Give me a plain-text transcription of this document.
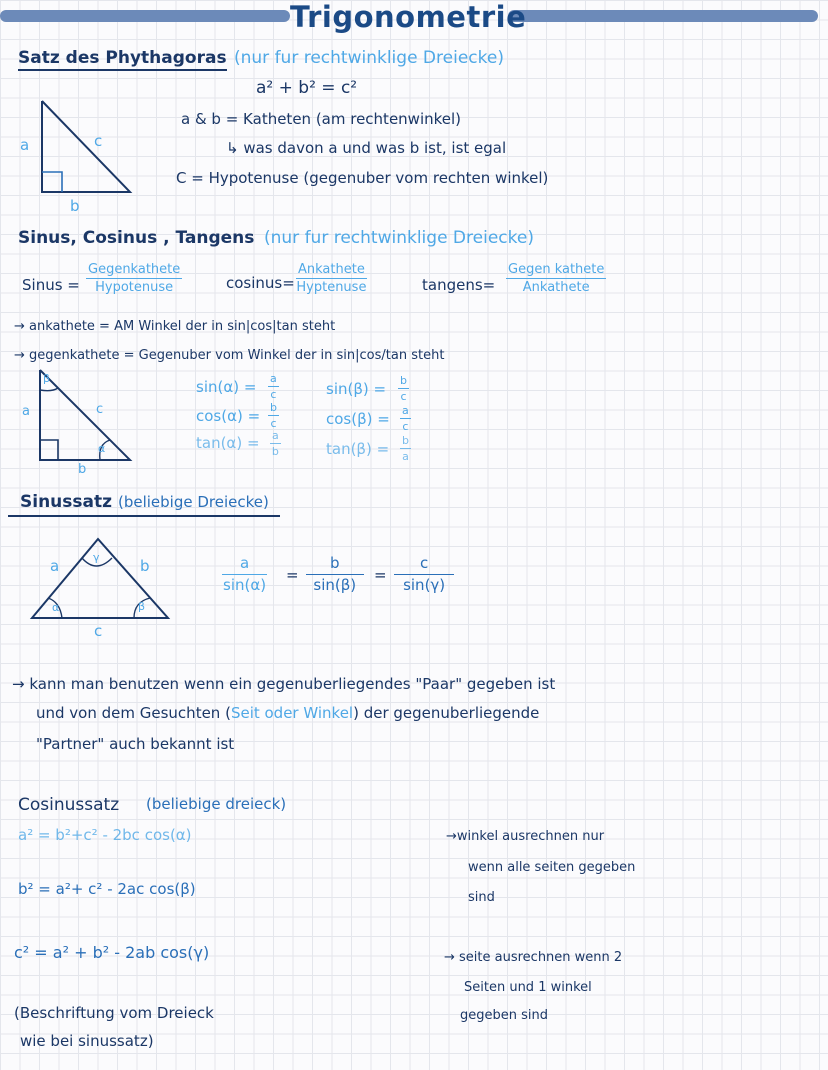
Trigonometrie
Satz des Phythagoras (nur fur rechtwinklige Dreiecke)
a² + b² = c²
a & b = Katheten (am rechtenwinkel)
↳ was davon a und was b ist, ist egal
C = Hypotenuse (gegenuber vom rechten winkel)
a	c
b
Sinus, Cosinus , Tangens (nur fur rechtwinklige Dreiecke)
Sinus =
Gegenkathete
Hypotenuse	cosinus=
Ankathete
Hyptenuse	tangens=
Gegen kathete
Ankathete
→ ankathete = AM Winkel der in sin|cos|tan steht
→ gegenkathete = Gegenuber vom Winkel der in sin|cos/tan steht
a	c
b
β
α
$\sin(\alpha) = \frac{a}{c}$
$\cos(\alpha) = \frac{b}{c}$
$\tan(\alpha) = \frac{a}{b}$
$\sin(\beta) = \frac{b}{c}$
$\cos(\beta) = \frac{a}{c}$
$\tan(\beta) = \frac{b}{a}$
Sinussatz (beliebige Dreiecke)
a	b
c
γ
α	β
$\frac{a}{\sin(\alpha)} = \frac{b}{\sin(\beta)} = \frac{c}{\sin(\gamma)}$
→ kann man benutzen wenn ein gegenuberliegendes "Paar" gegeben ist
und von dem Gesuchten (Seit oder Winkel) der gegenuberliegende
"Partner" auch bekannt ist
Cosinussatz (beliebige dreieck)
a² = b²+c² - 2bc cos(α)
b² = a²+ c² - 2ac cos(β)
c² = a² + b² - 2ab cos(γ)
→winkel ausrechnen nur
wenn alle seiten gegeben
sind
→ seite ausrechnen wenn 2
Seiten und 1 winkel
gegeben sind
(Beschriftung vom Dreieck
wie bei sinussatz)
